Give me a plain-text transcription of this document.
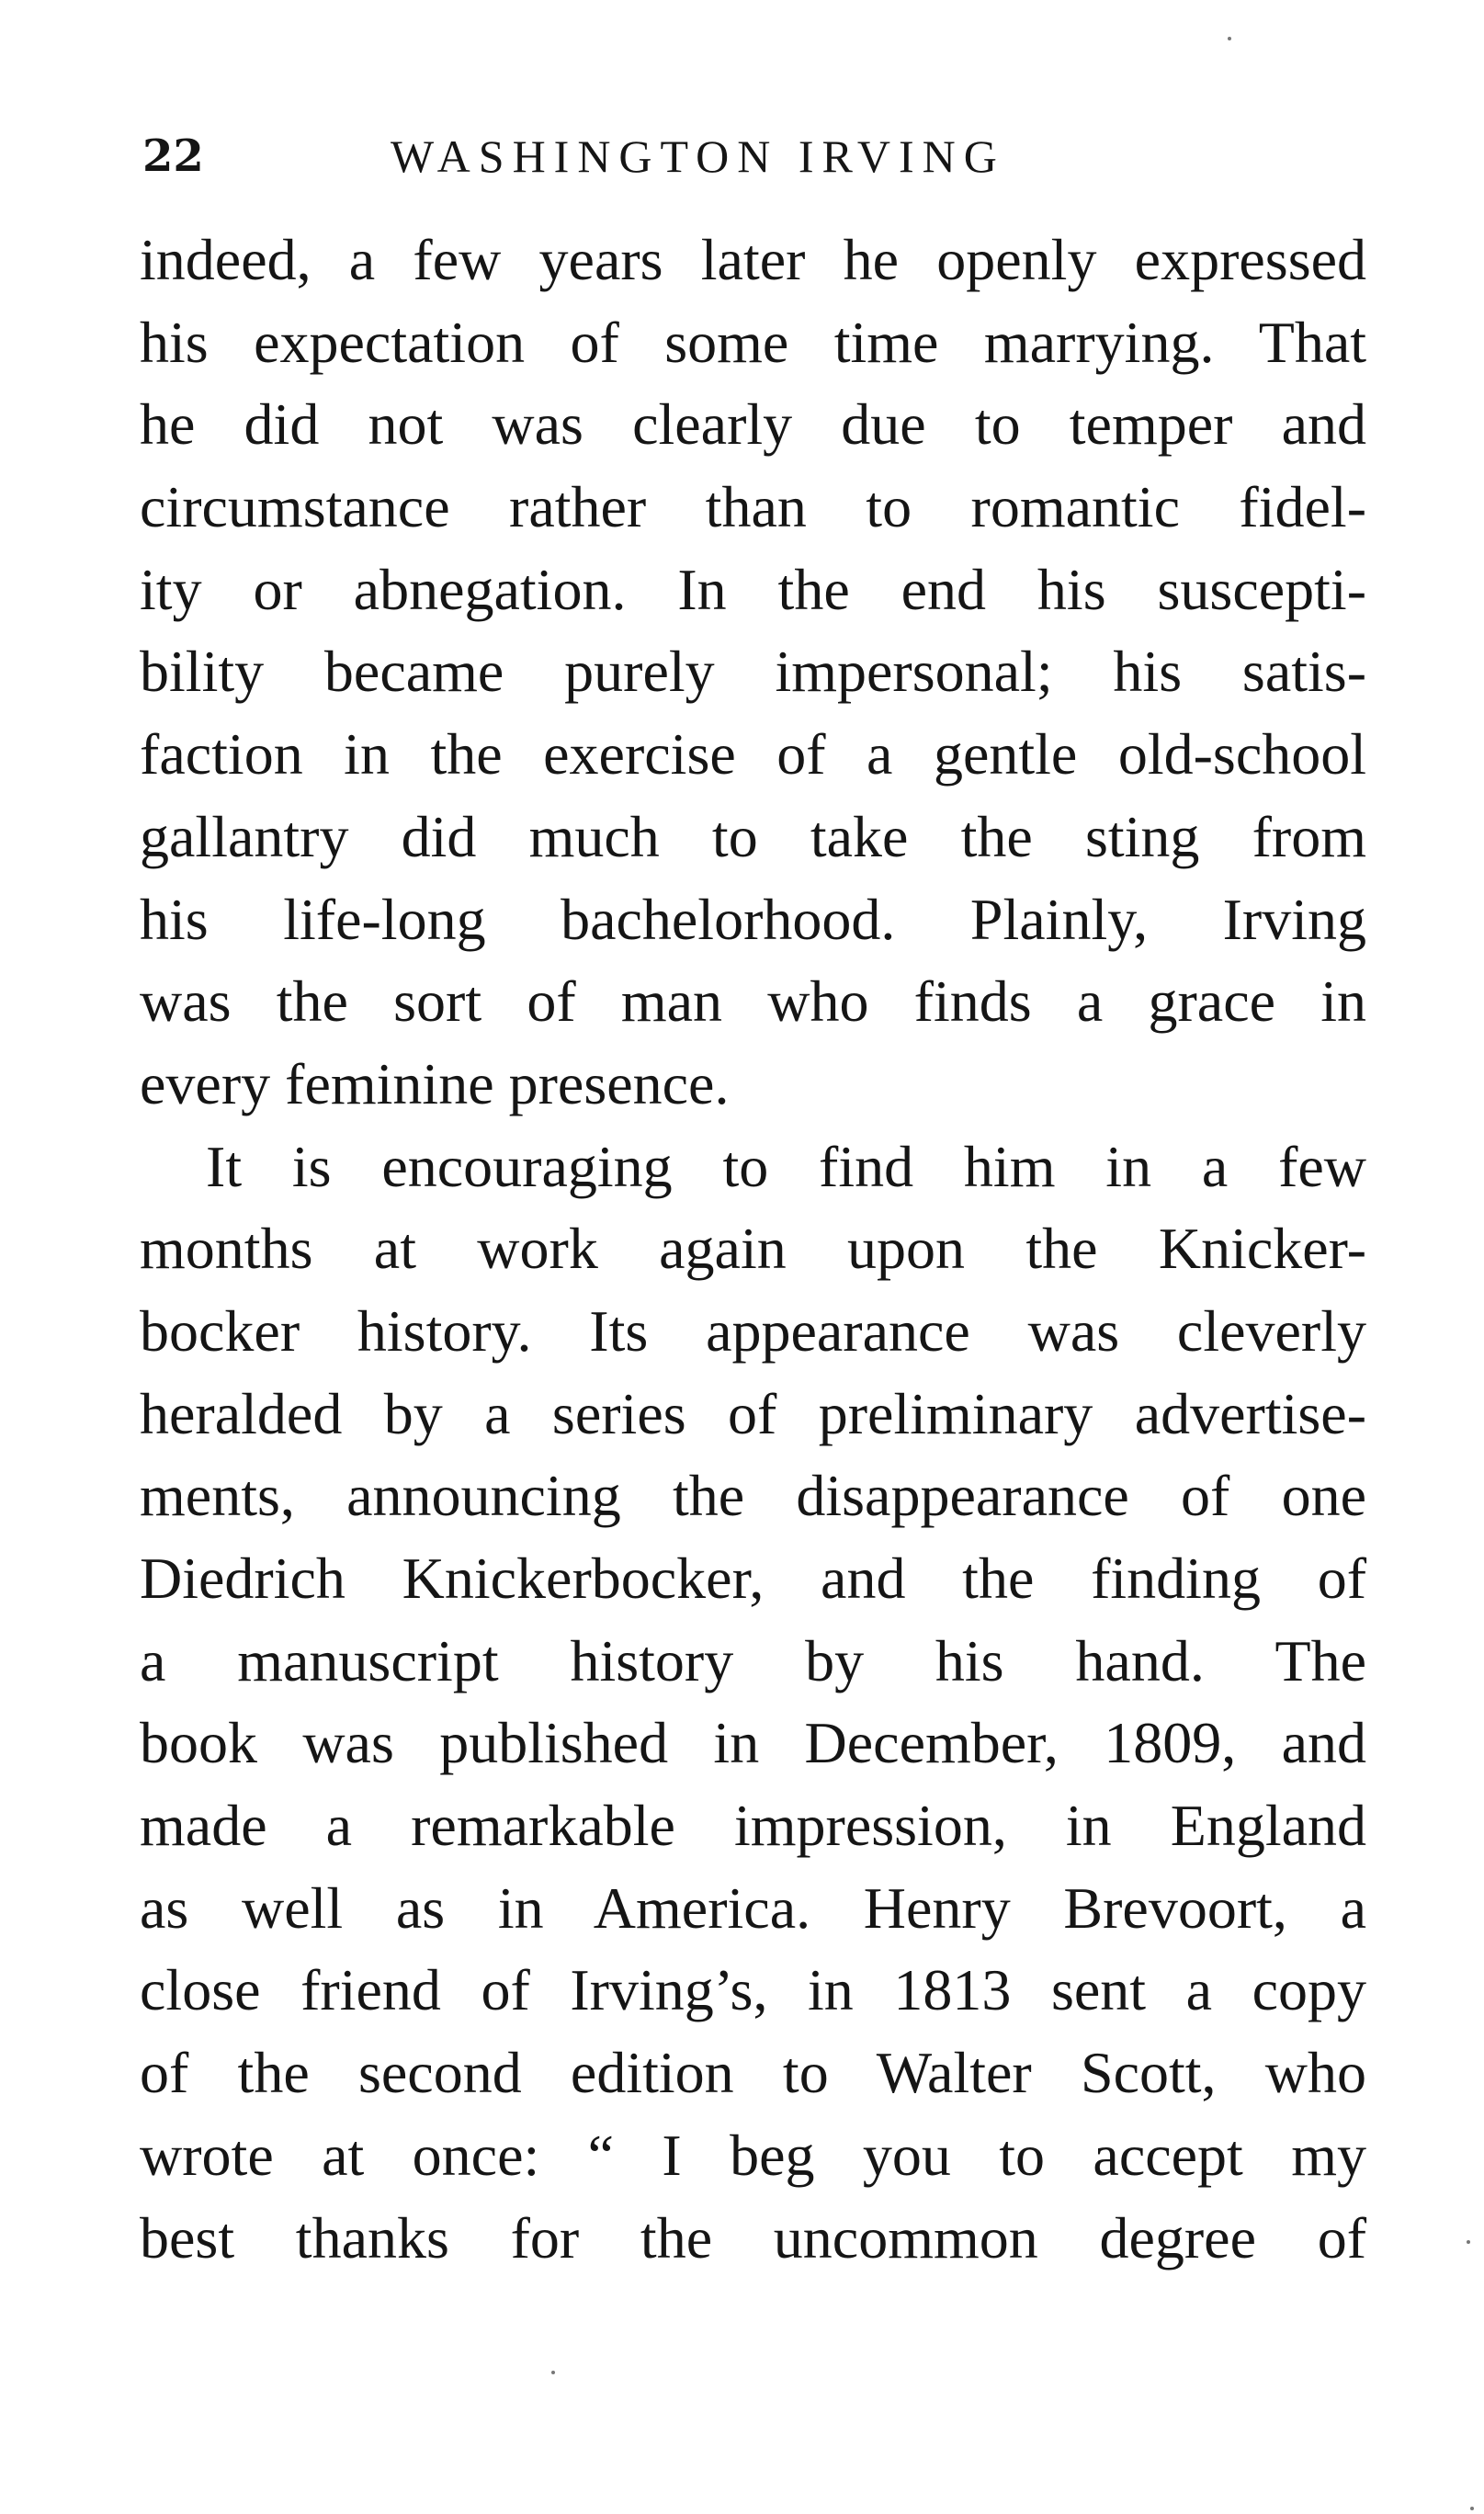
22	WASHINGTON IRVING
indeed, a few years later he openly expressed
his expectation of some time marrying. That
he did not was clearly due to temper and
circumstance rather than to romantic fidel-
ity or abnegation. In the end his suscepti-
bility became purely impersonal; his satis-
faction in the exercise of a gentle old-school
gallantry did much to take the sting from
his life-long bachelorhood. Plainly, Irving
was the sort of man who finds a grace in
every feminine presence.
It is encouraging to find him in a few
months at work again upon the Knicker-
bocker history. Its appearance was cleverly
heralded by a series of preliminary advertise-
ments, announcing the disappearance of one
Diedrich Knickerbocker, and the finding of
a manuscript history by his hand. The
book was published in December, 1809, and
made a remarkable impression, in England
as well as in America. Henry Brevoort, a
close friend of Irving’s, in 1813 sent a copy
of the second edition to Walter Scott, who
wrote at once: “ I beg you to accept my
best thanks for the uncommon degree of
